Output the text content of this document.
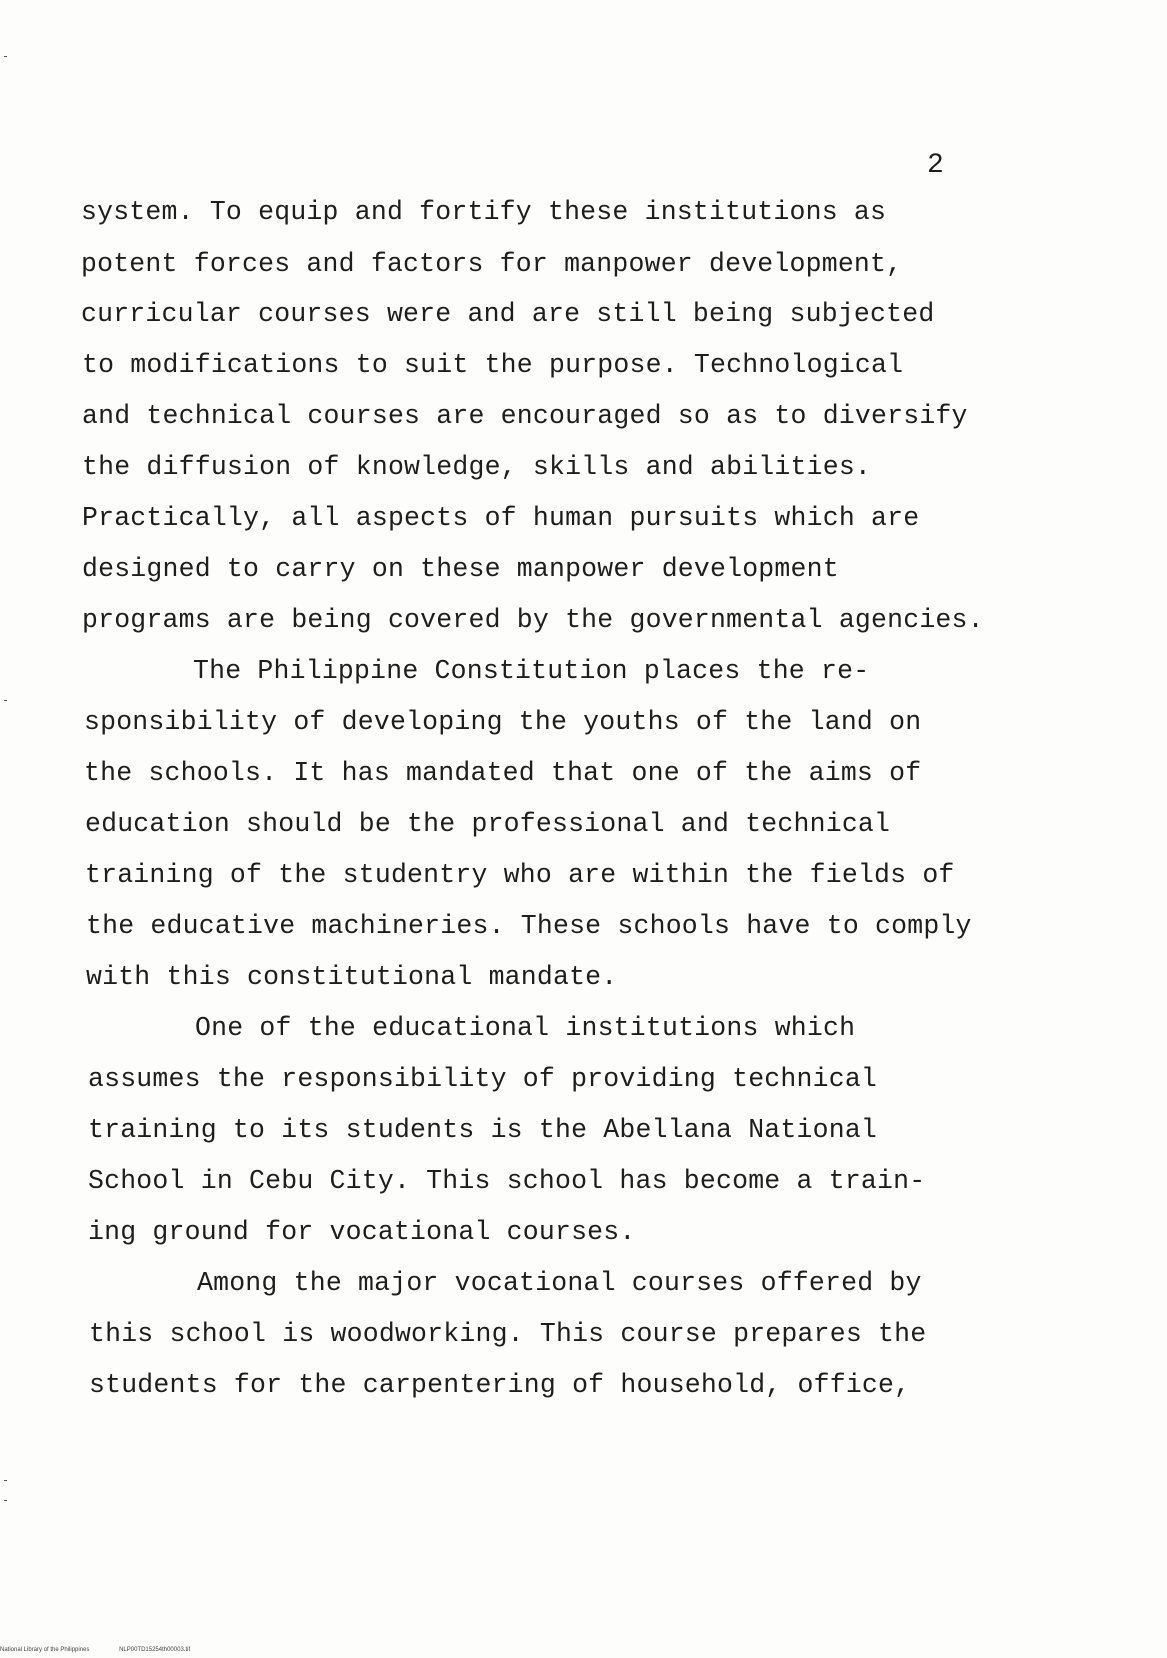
2
system. To equip and fortify these institutions as
potent forces and factors for manpower development,
curricular courses were and are still being subjected
to modifications to suit the purpose. Technological
and technical courses are encouraged so as to diversify
the diffusion of knowledge, skills and abilities.
Practically, all aspects of human pursuits which are
designed to carry on these manpower development
programs are being covered by the governmental agencies.
The Philippine Constitution places the re-
sponsibility of developing the youths of the land on
the schools. It has mandated that one of the aims of
education should be the professional and technical
training of the studentry who are within the fields of
the educative machineries. These schools have to comply
with this constitutional mandate.
One of the educational institutions which
assumes the responsibility of providing technical
training to its students is the Abellana National
School in Cebu City. This school has become a train-
ing ground for vocational courses.
Among the major vocational courses offered by
this school is woodworking. This course prepares the
students for the carpentering of household, office,
National Library of the Philippines	NLP00TD15254th00003.tif
